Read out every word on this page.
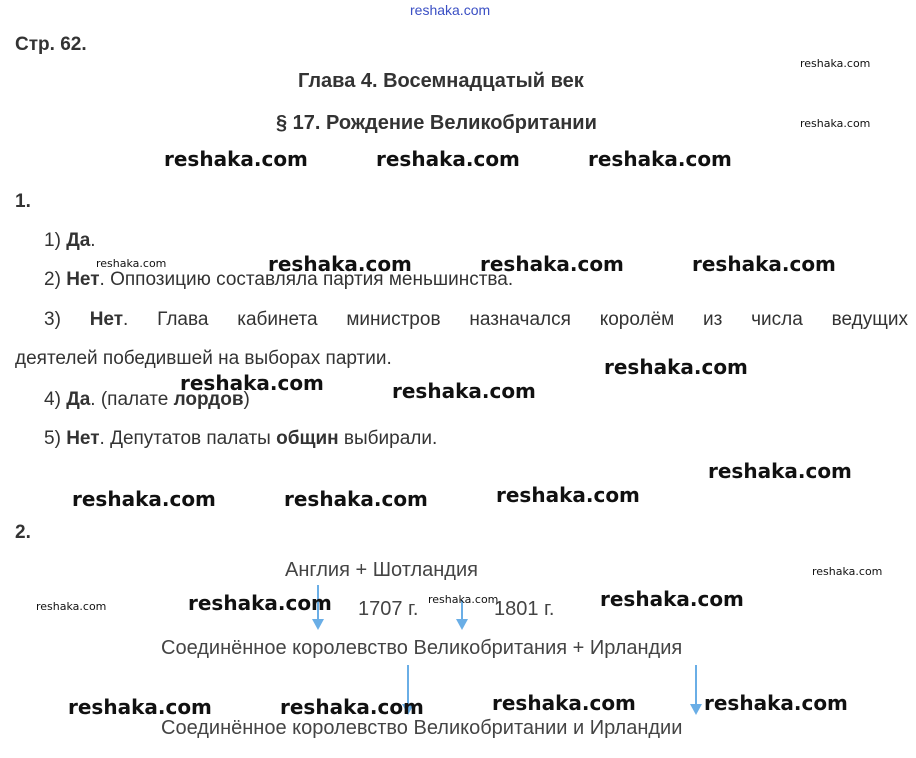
reshaka.com
Стр. 62.
Глава 4. Восемнадцатый век
§ 17. Рождение Великобритании
1.
1) Да.
2) Нет. Оппозицию составляла партия меньшинства.
3) Нет. Глава кабинета министров назначался королём из числа ведущих
деятелей победившей на выборах партии.
4) Да. (палате лордов)
5) Нет. Депутатов палаты общин выбирали.
2.
Англия + Шотландия
1707 г.	1801 г.
Соединённое королевство Великобритания + Ирландия
Соединённое королевство Великобритании и Ирландии
reshaka.com
reshaka.com
reshaka.com
reshaka.com
reshaka.com
reshaka.com
reshaka.com	reshaka.com	reshaka.com
reshaka.com	reshaka.com	reshaka.com
reshaka.com
reshaka.com	reshaka.com
reshaka.com
reshaka.com	reshaka.com	reshaka.com
reshaka.com	reshaka.com
reshaka.com	reshaka.com	reshaka.com	reshaka.com
